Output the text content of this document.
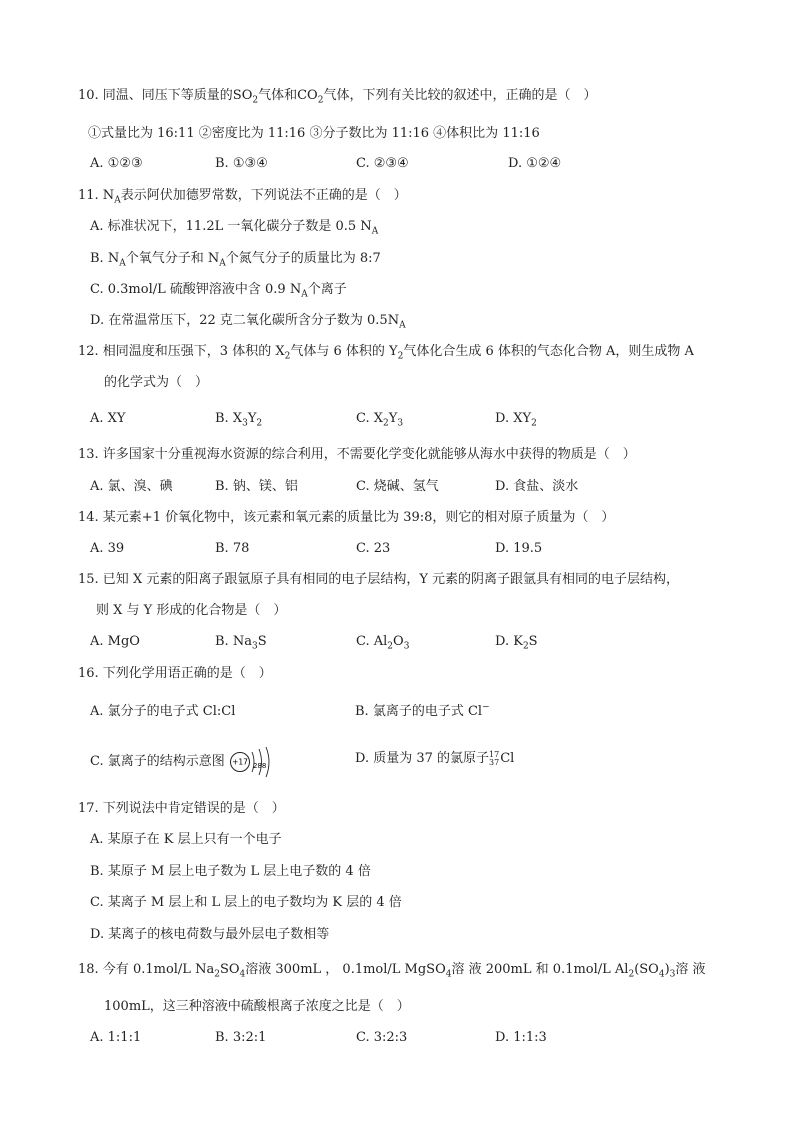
10. 同温、同压下等质量的$SO_2$气体和$CO_2$气体，下列有关比较的叙述中，正确的是（　）
①式量比为 16:11 ②密度比为 11:16 ③分子数比为 11:16 ④体积比为 11:16
A. ①②③	B. ①③④	C. ②③④	D. ①②④
11. $N_A$表示阿伏加德罗常数，下列说法不正确的是（　）
A. 标准状况下，11.2L 一氧化碳分子数是 0.5 $N_A$
B. $N_A$个氧气分子和 $N_A$个氮气分子的质量比为 8:7
C. 0.3mol/L 硫酸钾溶液中含 0.9 $N_A$个离子
D. 在常温常压下，22 克二氧化碳所含分子数为 $0.5N_A$
12. 相同温度和压强下，3 体积的 $X_2$气体与 6 体积的 $Y_2$气体化合生成 6 体积的气态化合物 A，则生成物 A
的化学式为（　）
A. XY	B. $X_3Y_2$	C. $X_2Y_3$	D. $XY_2$
13. 许多国家十分重视海水资源的综合利用，不需要化学变化就能够从海水中获得的物质是（　）
A. 氯、溴、碘	B. 钠、镁、铝	C. 烧碱、氢气	D. 食盐、淡水
14. 某元素+1 价氧化物中，该元素和氧元素的质量比为 39:8，则它的相对原子质量为（　）
A. 39	B. 78	C. 23	D. 19.5
15. 已知 X 元素的阳离子跟氩原子具有相同的电子层结构，Y 元素的阴离子跟氩具有相同的电子层结构，
则 X 与 Y 形成的化合物是（　）
A. MgO	B. $Na_3S$	C. $Al_2O_3$	D. $K_2S$
16. 下列化学用语正确的是（　）
A. 氯分子的电子式 Cl:Cl	B. 氯离子的电子式 Cl−
C. 氯离子的结构示意图 +17 288	D. 质量为 37 的氯原子17
37Cl
17. 下列说法中肯定错误的是（　）
A. 某原子在 K 层上只有一个电子
B. 某原子 M 层上电子数为 L 层上电子数的 4 倍
C. 某离子 M 层上和 L 层上的电子数均为 K 层的 4 倍
D. 某离子的核电荷数与最外层电子数相等
18. 今有 0.1mol/L $Na_2SO_4$溶液 300mL ， 0.1mol/L MgSO$_4$溶 液 200mL 和 0.1mol/L $Al_2(SO_4)_3$溶 液
100mL，这三种溶液中硫酸根离子浓度之比是（　）
A. 1:1:1	B. 3:2:1	C. 3:2:3	D. 1:1:3
